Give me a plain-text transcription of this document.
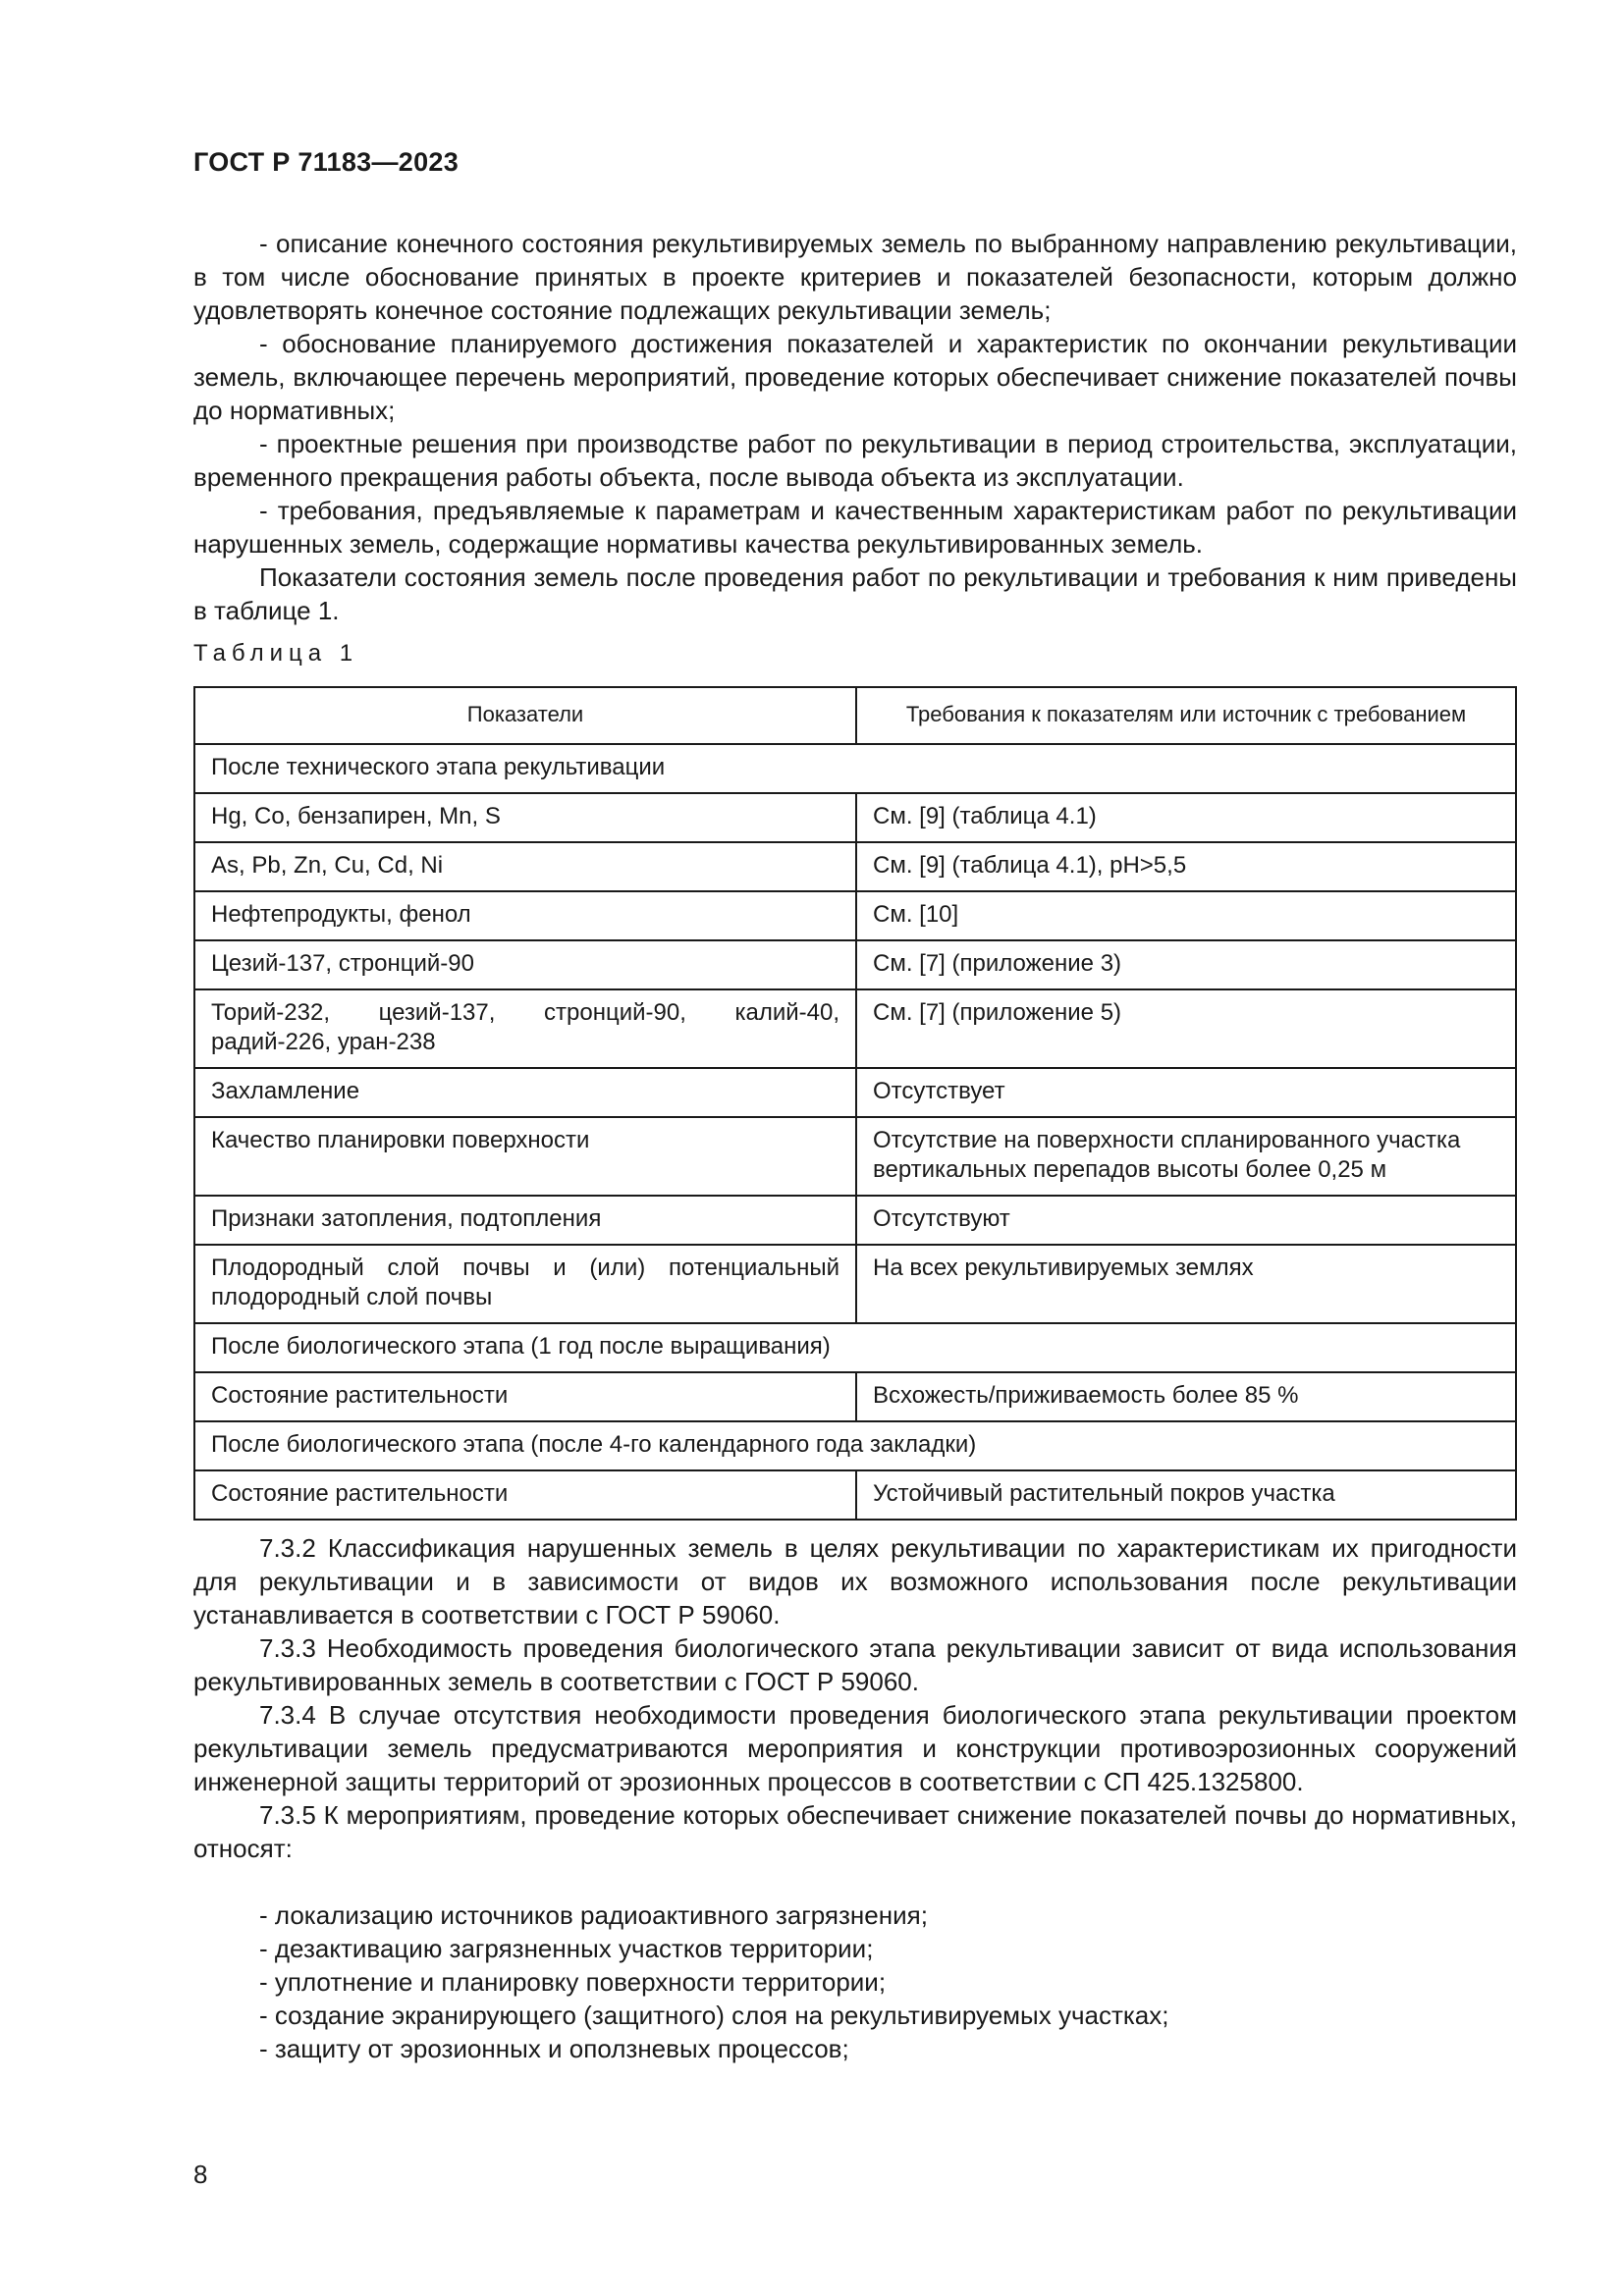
ГОСТ Р 71183—2023

- описание конечного состояния рекультивируемых земель по выбранному направлению рекультивации, в том числе обоснование принятых в проекте критериев и показателей безопасности, которым должно удовлетворять конечное состояние подлежащих рекультивации земель;

- обоснование планируемого достижения показателей и характеристик по окончании рекультивации земель, включающее перечень мероприятий, проведение которых обеспечивает снижение показателей почвы до нормативных;

- проектные решения при производстве работ по рекультивации в период строительства, эксплуатации, временного прекращения работы объекта, после вывода объекта из эксплуатации.

- требования, предъявляемые к параметрам и качественным характеристикам работ по рекультивации нарушенных земель, содержащие нормативы качества рекультивированных земель.

Показатели состояния земель после проведения работ по рекультивации и требования к ним приведены в таблице 1.

Таблица 1
Показатели	Требования к показателям или источник с требованием
После технического этапа рекультивации	
Hg, Co, бензапирен, Mn, S	См. [9] (таблица 4.1)
As, Pb, Zn, Cu, Cd, Ni	См. [9] (таблица 4.1), pH>5,5
Нефтепродукты, фенол	См. [10]
Цезий-137, стронций-90	См. [7] (приложение 3)
Торий-232, цезий-137, стронций-90, калий-40, радий-226, уран-238	См. [7] (приложение 5)
Захламление	Отсутствует
Качество планировки поверхности	Отсутствие на поверхности спланированного участка вертикальных перепадов высоты более 0,25 м
Признаки затопления, подтопления	Отсутствуют
Плодородный слой почвы и (или) потенциальный плодородный слой почвы	На всех рекультивируемых землях
После биологического этапа (1 год после выращивания)	
Состояние растительности	Всхожесть/приживаемость более 85 %
После биологического этапа (после 4-го календарного года закладки)	
Состояние растительности	Устойчивый растительный покров участка

7.3.2 Классификация нарушенных земель в целях рекультивации по характеристикам их пригодности для рекультивации и в зависимости от видов их возможного использования после рекультивации устанавливается в соответствии с ГОСТ Р 59060.

7.3.3 Необходимость проведения биологического этапа рекультивации зависит от вида использования рекультивированных земель в соответствии с ГОСТ Р 59060.

7.3.4 В случае отсутствия необходимости проведения биологического этапа рекультивации проектом рекультивации земель предусматриваются мероприятия и конструкции противоэрозионных сооружений инженерной защиты территорий от эрозионных процессов в соответствии с СП 425.1325800.

7.3.5 К мероприятиям, проведение которых обеспечивает снижение показателей почвы до нормативных, относят:

- локализацию источников радиоактивного загрязнения;
- дезактивацию загрязненных участков территории;
- уплотнение и планировку поверхности территории;
- создание экранирующего (защитного) слоя на рекультивируемых участках;
- защиту от эрозионных и оползневых процессов;
8
